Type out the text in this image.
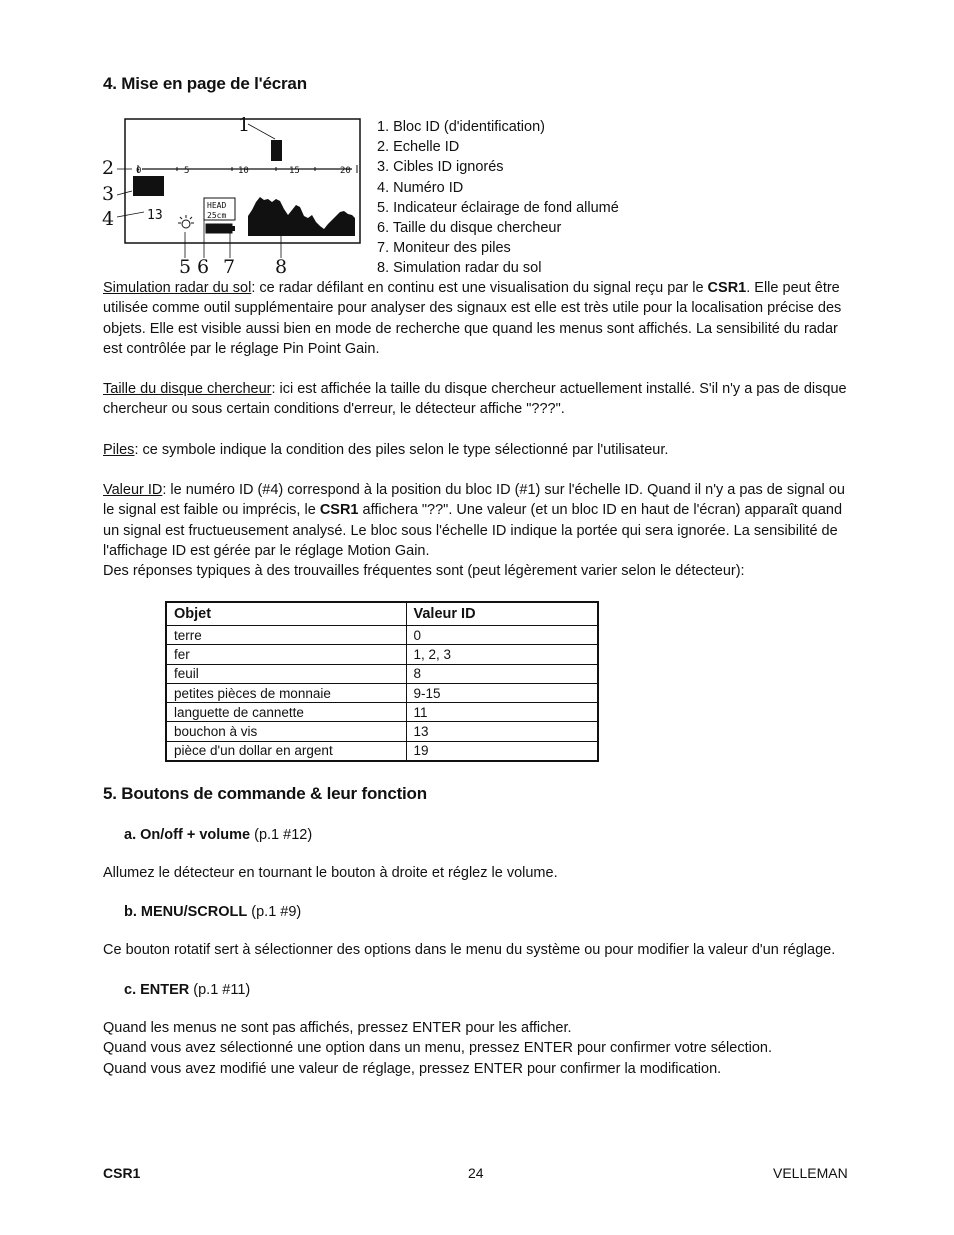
4. Mise en page de l'écran
0	5	10	15	20
13
HEAD
25cm
1
2
3
4
5 6 7 8
1. Bloc ID (d'identification)
2. Echelle ID
3. Cibles ID ignorés
4. Numéro ID
5. Indicateur éclairage de fond allumé
6. Taille du disque chercheur
7. Moniteur des piles
8. Simulation radar du sol
Simulation radar du sol: ce radar défilant en continu est une visualisation du signal reçu par le CSR1. Elle peut être utilisée comme outil supplémentaire pour analyser des signaux est elle est très utile pour la localisation précise des objets. Elle est visible aussi bien en mode de recherche que quand les menus sont affichés. La sensibilité du radar est contrôlée par le réglage Pin Point Gain.
Taille du disque chercheur: ici est affichée la taille du disque chercheur actuellement installé. S'il n'y a pas de disque chercheur ou sous certain conditions d'erreur, le détecteur affiche "???".
Piles: ce symbole indique la condition des piles selon le type sélectionné par l'utilisateur.
Valeur ID: le numéro ID (#4) correspond à la position du bloc ID (#1) sur l'échelle ID. Quand il n'y a pas de signal ou le signal est faible ou imprécis, le CSR1 affichera "??". Une valeur (et un bloc ID en haut de l'écran) apparaît quand un signal est fructueusement analysé. Le bloc sous l'échelle ID indique la portée qui sera ignorée. La sensibilité de l'affichage ID est gérée par le réglage Motion Gain.
Des réponses typiques à des trouvailles fréquentes sont (peut légèrement varier selon le détecteur):
Objet	Valeur ID
terre	0
fer	1, 2, 3
feuil	8
petites pièces de monnaie	9-15
languette de cannette	11
bouchon à vis	13
pièce d'un dollar en argent	19
5. Boutons de commande & leur fonction
a. On/off + volume (p.1 #12)
Allumez le détecteur en tournant le bouton à droite et réglez le volume.
b. MENU/SCROLL (p.1 #9)
Ce bouton rotatif sert à sélectionner des options dans le menu du système ou pour modifier la valeur d'un réglage.
c. ENTER (p.1 #11)
Quand les menus ne sont pas affichés, pressez ENTER pour les afficher.
Quand vous avez sélectionné une option dans un menu, pressez ENTER pour confirmer votre sélection.
Quand vous avez modifié une valeur de réglage, pressez ENTER pour confirmer la modification.
CSR1	24	VELLEMAN
